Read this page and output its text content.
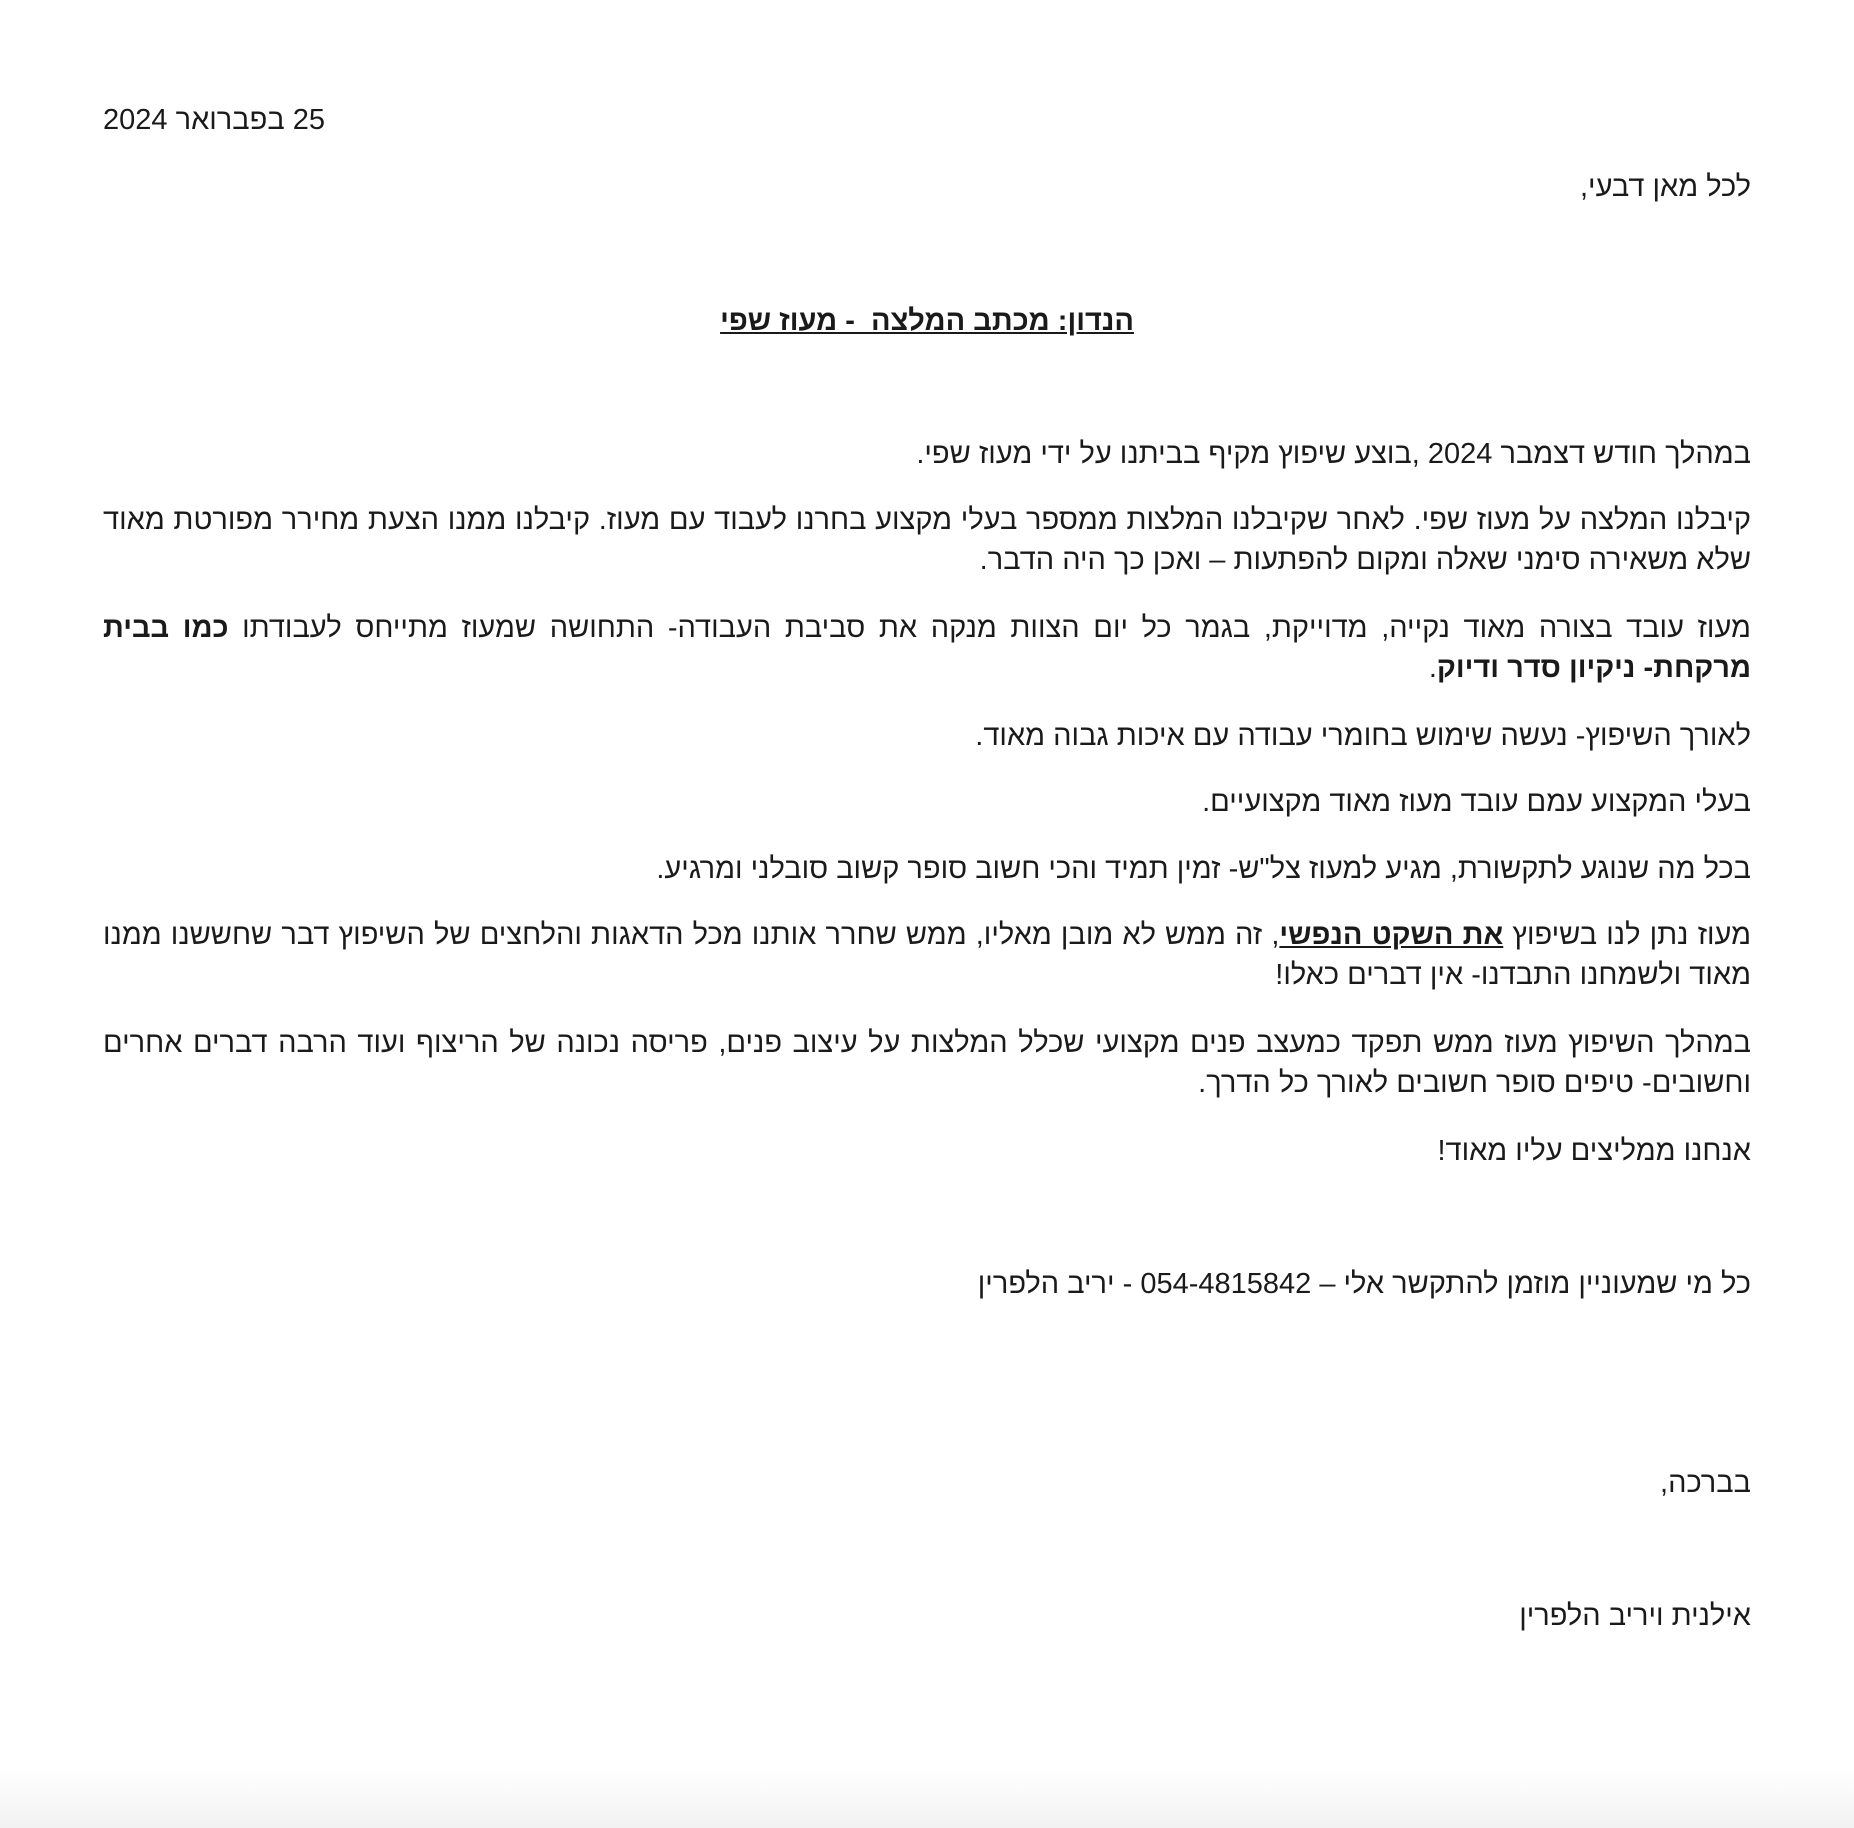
25 בפברואר 2024

לכל מאן דבעי,

הנדון: מכתב המלצה  - מעוז שפי

במהלך חודש דצמבר 2024 ,בוצע שיפוץ מקיף בביתנו על ידי מעוז שפי.

קיבלנו המלצה על מעוז שפי. לאחר שקיבלנו המלצות ממספר בעלי מקצוע בחרנו לעבוד עם מעוז. קיבלנו ממנו הצעת מחירר מפורטת מאוד שלא משאירה סימני שאלה ומקום להפתעות – ואכן כך היה הדבר.

מעוז עובד בצורה מאוד נקייה, מדוייקת, בגמר כל יום הצוות מנקה את סביבת העבודה- התחושה שמעוז מתייחס לעבודתו כמו בבית מרקחת- ניקיון סדר ודיוק.

לאורך השיפוץ- נעשה שימוש בחומרי עבודה עם איכות גבוה מאוד.

בעלי המקצוע עמם עובד מעוז מאוד מקצועיים.

בכל מה שנוגע לתקשורת, מגיע למעוז צל"ש- זמין תמיד והכי חשוב סופר קשוב סובלני ומרגיע.

מעוז נתן לנו בשיפוץ את השקט הנפשי, זה ממש לא מובן מאליו, ממש שחרר אותנו מכל הדאגות והלחצים של השיפוץ דבר שחששנו ממנו מאוד ולשמחנו התבדנו- אין דברים כאלו!

במהלך השיפוץ מעוז ממש תפקד כמעצב פנים מקצועי שכלל המלצות על עיצוב פנים, פריסה נכונה של הריצוף ועוד הרבה דברים אחרים וחשובים- טיפים סופר חשובים לאורך כל הדרך.

אנחנו ממליצים עליו מאוד!

כל מי שמעוניין מוזמן להתקשר אלי – 054-4815842 - יריב הלפרין

בברכה,

אילנית ויריב הלפרין
